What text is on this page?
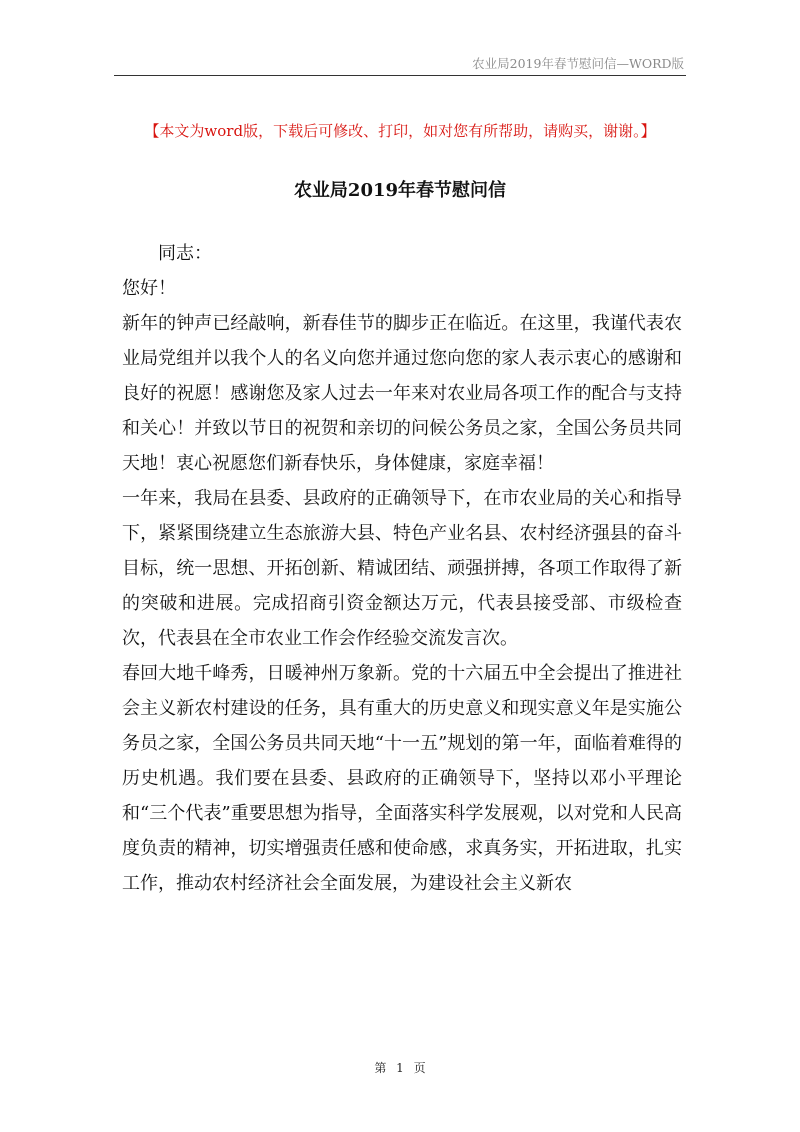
农业局2019年春节慰问信—WORD版
【本文为word版，下载后可修改、打印，如对您有所帮助，请购买，谢谢。】
农业局2019年春节慰问信

同志：

您好！

新年的钟声已经敲响，新春佳节的脚步正在临近。在这里，我谨代表农业局党组并以我个人的名义向您并通过您向您的家人表示衷心的感谢和良好的祝愿！感谢您及家人过去一年来对农业局各项工作的配合与支持和关心！并致以节日的祝贺和亲切的问候公务员之家，全国公务员共同天地！衷心祝愿您们新春快乐，身体健康，家庭幸福！

一年来，我局在县委、县政府的正确领导下，在市农业局的关心和指导下，紧紧围绕建立生态旅游大县、特色产业名县、农村经济强县的奋斗目标，统一思想、开拓创新、精诚团结、顽强拼搏，各项工作取得了新的突破和进展。完成招商引资金额达万元，代表县接受部、市级检查次，代表县在全市农业工作会作经验交流发言次。

春回大地千峰秀，日暖神州万象新。党的十六届五中全会提出了推进社会主义新农村建设的任务，具有重大的历史意义和现实意义年是实施公务员之家，全国公务员共同天地“十一五”规划的第一年，面临着难得的历史机遇。我们要在县委、县政府的正确领导下，坚持以邓小平理论和“三个代表”重要思想为指导，全面落实科学发展观，以对党和人民高度负责的精神，切实增强责任感和使命感，求真务实，开拓进取，扎实工作，推动农村经济社会全面发展，为建设社会主义新农

第 1 页
